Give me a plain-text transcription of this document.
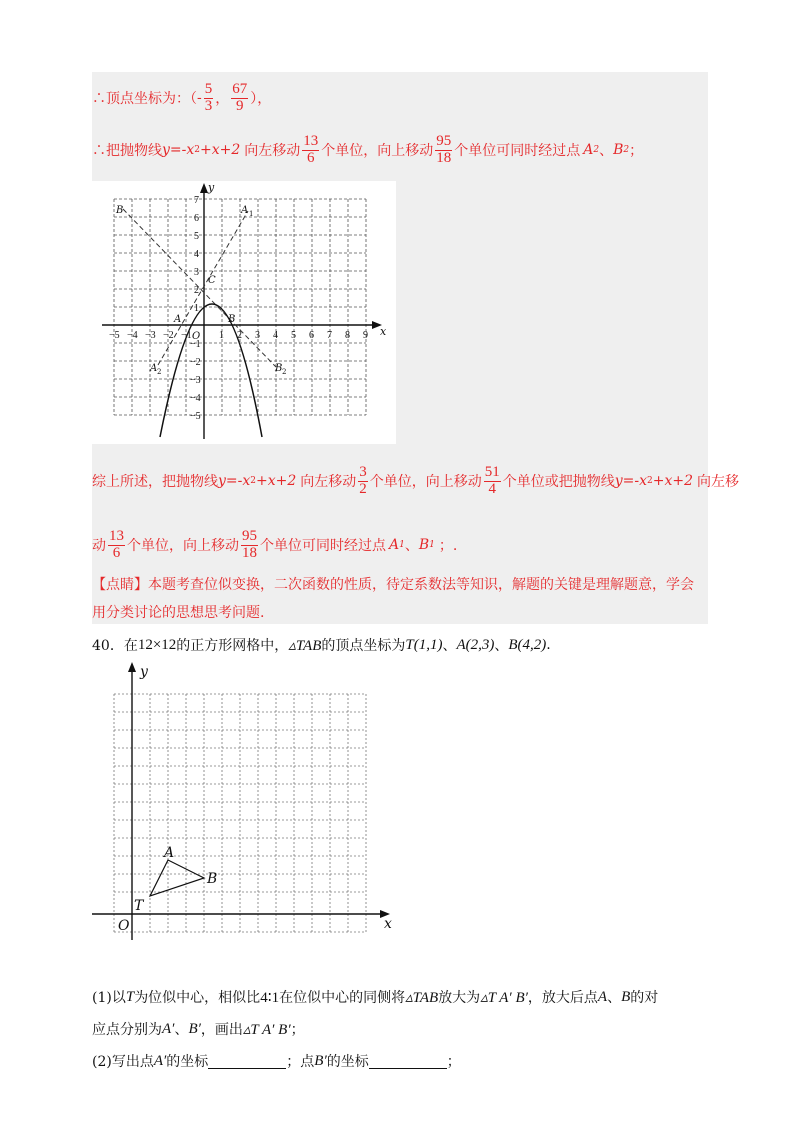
∴顶点坐标为：（ - $\frac{5}{3}$ ， $\frac{67}{9}$ ），
∴把抛物线 y=-x 2 +x+2 向左移动 $\frac{13}{6}$ 个单位，向上移动 $\frac{95}{18}$ 个单位可同时经过点 A 2 、 B 2 ；
x
y
O
−5 −4 −3 −2 −1	1 2 3 4 5 6 7 8 9
7
6
5
4
3
2
1
−1
−2
−3
−4
−5
B	A 1
C
A	B
A 2	B 2
综上所述，把抛物线 y=-x 2 +x+2 向左移动 $\frac{3}{2}$ 个单位，向上移动 $\frac{51}{4}$ 个单位或把抛物线 y=-x 2 +x+2 向左移
动 $\frac{13}{6}$ 个单位，向上移动 $\frac{95}{18}$ 个单位可同时经过点 A 1 、 B 1 ；.
【点睛】本题考查位似变换，二次函数的性质，待定系数法等知识，解题的关键是理解题意，学会
用分类讨论的思想思考问题.
40． 在 12×12 的正方形网格中， ▵TAB 的顶点坐标为 T(1,1) 、 A(2,3) 、 B(4,2) .
x
y
O
T
A
B
(1)以 T 为位似中心，相似比 4∶1 在位似中心的同侧将 ▵TAB 放大为 ▵T A′ B′ ，放大后点 A 、 B 的对
应点分别为 A′ 、 B′ ，画出 ▵T A′ B′ ；
(2)写出点 A′ 的坐标	；点 B′ 的坐标	；
